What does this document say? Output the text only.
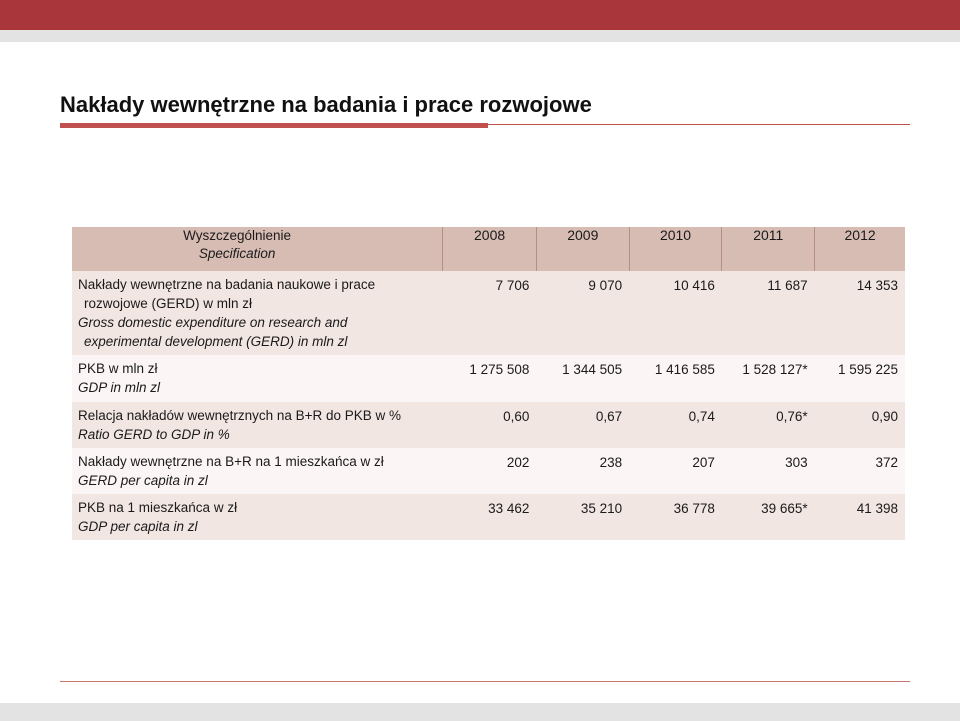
Nakłady wewnętrzne na badania i prace rozwojowe
Wyszczególnienie
Specification	2008	2009	2010	2011	2012

Nakłady wewnętrzne na badania naukowe i prace
rozwojowe (GERD) w mln zł
Gross domestic expenditure on research and
experimental development (GERD) in mln zl	7 706	9 070	10 416	11 687	14 353

PKB w mln zł
GDP in mln zl	1 275 508	1 344 505	1 416 585	1 528 127*	1 595 225

Relacja nakładów wewnętrznych na B+R do PKB w %
Ratio GERD to GDP in %	0,60	0,67	0,74	0,76*	0,90

Nakłady wewnętrzne na B+R na 1 mieszkańca w zł
GERD per capita in zl	202	238	207	303	372

PKB na 1 mieszkańca w zł
GDP per capita in zl	33 462	35 210	36 778	39 665*	41 398
